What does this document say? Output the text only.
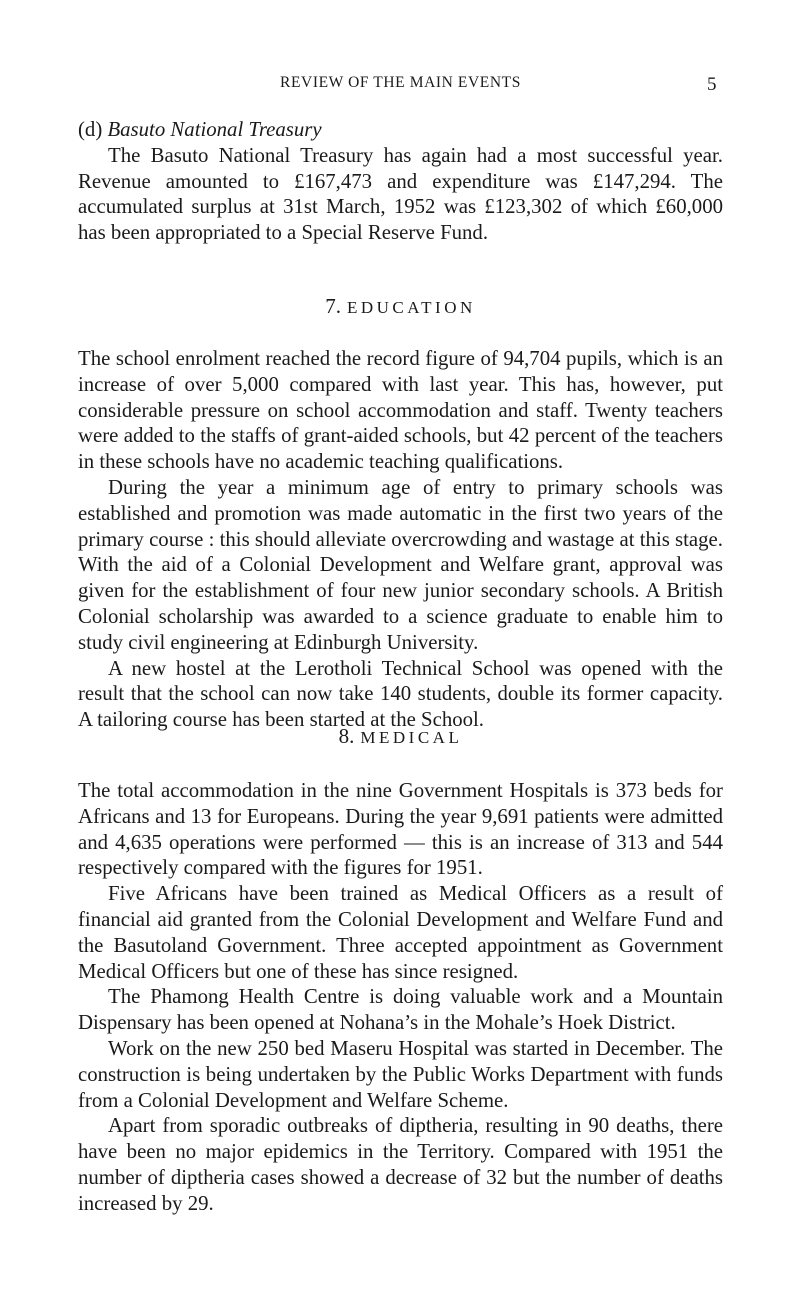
REVIEW OF THE MAIN EVENTS	5

(d) Basuto National Treasury

The Basuto National Treasury has again had a most successful year. Revenue amounted to £167,473 and expenditure was £147,294. The accumulated surplus at 31st March, 1952 was £123,302 of which £60,000 has been appropriated to a Special Reserve Fund.

7. EDUCATION

The school enrolment reached the record figure of 94,704 pupils, which is an increase of over 5,000 compared with last year. This has, however, put considerable pressure on school accommodation and staff. Twenty teachers were added to the staffs of grant-aided schools, but 42 percent of the teachers in these schools have no academic teaching qualifications.

During the year a minimum age of entry to primary schools was established and promotion was made automatic in the first two years of the primary course : this should alleviate overcrowding and wastage at this stage. With the aid of a Colonial Development and Welfare grant, approval was given for the establishment of four new junior secondary schools. A British Colonial scholarship was awarded to a science graduate to enable him to study civil engineering at Edinburgh University.

A new hostel at the Lerotholi Technical School was opened with the result that the school can now take 140 students, double its former capacity. A tailoring course has been started at the School.

8. MEDICAL

The total accommodation in the nine Government Hospitals is 373 beds for Africans and 13 for Europeans. During the year 9,691 patients were admitted and 4,635 operations were performed — this is an increase of 313 and 544 respectively compared with the figures for 1951.

Five Africans have been trained as Medical Officers as a result of financial aid granted from the Colonial Development and Welfare Fund and the Basutoland Government. Three accepted appointment as Government Medical Officers but one of these has since resigned.

The Phamong Health Centre is doing valuable work and a Mountain Dispensary has been opened at Nohana’s in the Mohale’s Hoek District.

Work on the new 250 bed Maseru Hospital was started in December. The construction is being undertaken by the Public Works Department with funds from a Colonial Development and Welfare Scheme.

Apart from sporadic outbreaks of diptheria, resulting in 90 deaths, there have been no major epidemics in the Territory. Compared with 1951 the number of diptheria cases showed a decrease of 32 but the number of deaths increased by 29.
